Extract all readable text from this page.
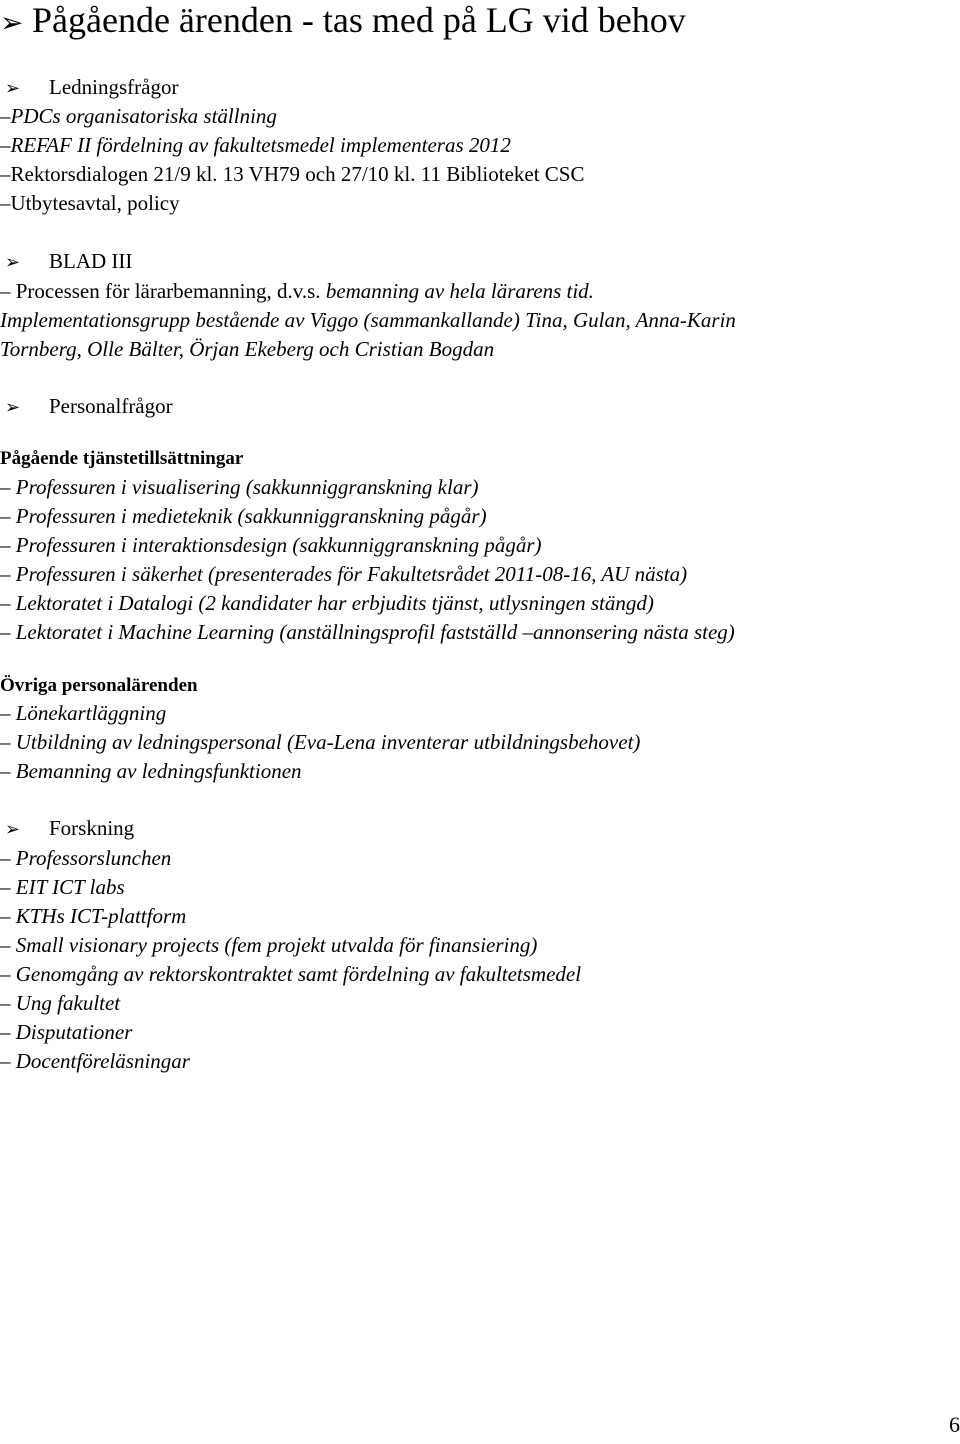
➢ Pågående ärenden - tas med på LG vid behov
➢ Ledningsfrågor
–PDCs organisatoriska ställning
–REFAF II fördelning av fakultetsmedel implementeras 2012
–Rektorsdialogen 21/9 kl. 13 VH79 och 27/10 kl. 11 Biblioteket CSC
–Utbytesavtal, policy
➢ BLAD III
– Processen för lärarbemanning, d.v.s. bemanning av hela lärarens tid.
Implementationsgrupp bestående av Viggo (sammankallande) Tina, Gulan, Anna-Karin
Tornberg, Olle Bälter, Örjan Ekeberg och Cristian Bogdan
➢ Personalfrågor
Pågående tjänstetillsättningar
– Professuren i visualisering (sakkunniggranskning klar)
– Professuren i medieteknik (sakkunniggranskning pågår)
– Professuren i interaktionsdesign (sakkunniggranskning pågår)
– Professuren i säkerhet (presenterades för Fakultetsrådet 2011-08-16, AU nästa)
– Lektoratet i Datalogi (2 kandidater har erbjudits tjänst, utlysningen stängd)
– Lektoratet i Machine Learning (anställningsprofil fastställd –annonsering nästa steg)
Övriga personalärenden
– Lönekartläggning
– Utbildning av ledningspersonal (Eva-Lena inventerar utbildningsbehovet)
– Bemanning av ledningsfunktionen
➢ Forskning
– Professorslunchen
– EIT ICT labs
– KTHs ICT-plattform
– Small visionary projects (fem projekt utvalda för finansiering)
– Genomgång av rektorskontraktet samt fördelning av fakultetsmedel
– Ung fakultet
– Disputationer
– Docentföreläsningar
6
